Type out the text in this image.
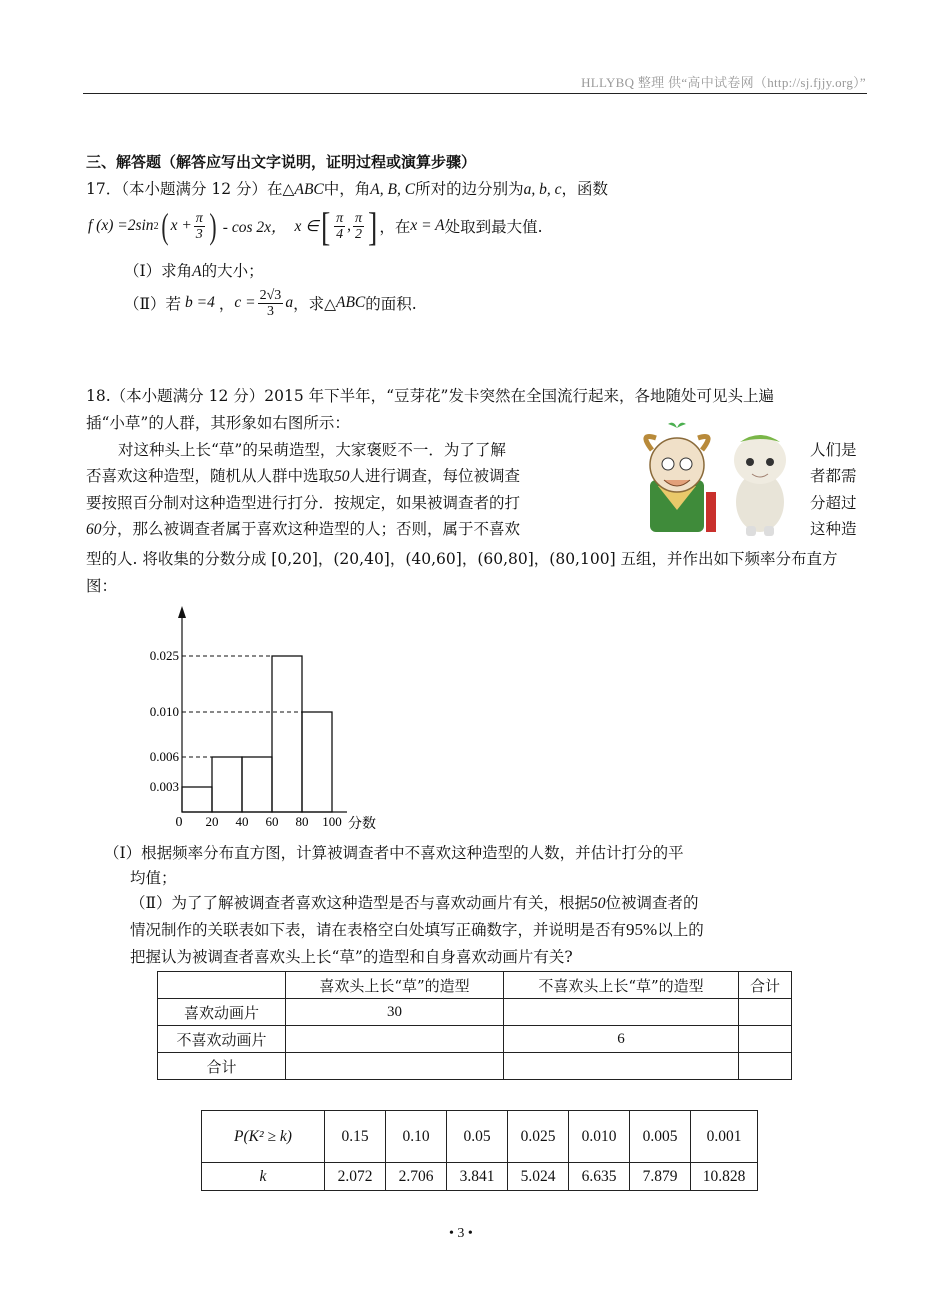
HLLYBQ 整理 供“高中试卷网（http://sj.fjjy.org）”
三、解答题（解答应写出文字说明，证明过程或演算步骤）
17．（本小题满分 12 分）在△ABC中，角A, B, C所对的边分别为a, b, c，函数
f (x) =2sin 2 ( $x + \frac{\pi}{3}$ ) - cos 2x， x ∈ [ $\frac{\pi}{4}$ , $\frac{\pi}{2}$ ] ，在 x = A 处取到最大值.
（Ⅰ）求角A的大小；
（Ⅱ）若 b =4 ， $c = \frac{2√3}{3}$ a ，求△ ABC 的面积.
18.（本小题满分 12 分）2015 年下半年，“豆芽花”发卡突然在全国流行起来，各地随处可见头上遍
插“小草”的人群，其形象如右图所示：
对这种头上长“草”的呆萌造型，大家褒贬不一．为了了解	人们是
否喜欢这种造型，随机从人群中选取50人进行调查，每位被调查	者都需
要按照百分制对这种造型进行打分．按规定，如果被调查者的打	分超过
60分，那么被调查者属于喜欢这种造型的人；否则，属于不喜欢	这种造
型的人. 将收集的分数分成 [0,20]，(20,40]，(40,60]，(60,80]，(80,100] 五组，并作出如下频率分布直方
图：
0.003
0.006
0.010
0.025
0 20 40 60 80 100 分数
（Ⅰ）根据频率分布直方图，计算被调查者中不喜欢这种造型的人数，并估计打分的平
均值；
（Ⅱ）为了了解被调查者喜欢这种造型是否与喜欢动画片有关，根据50位被调查者的
情况制作的关联表如下表，请在表格空白处填写正确数字，并说明是否有95%以上的
把握认为被调查者喜欢头上长“草”的造型和自身喜欢动画片有关?
	喜欢头上长“草”的造型	不喜欢头上长“草”的造型	合计
喜欢动画片	30		
不喜欢动画片		6	
合计			
P(K² ≥ k)	0.15	0.10	0.05	0.025	0.010	0.005	0.001
k	2.072	2.706	3.841	5.024	6.635	7.879	10.828
• 3 •
